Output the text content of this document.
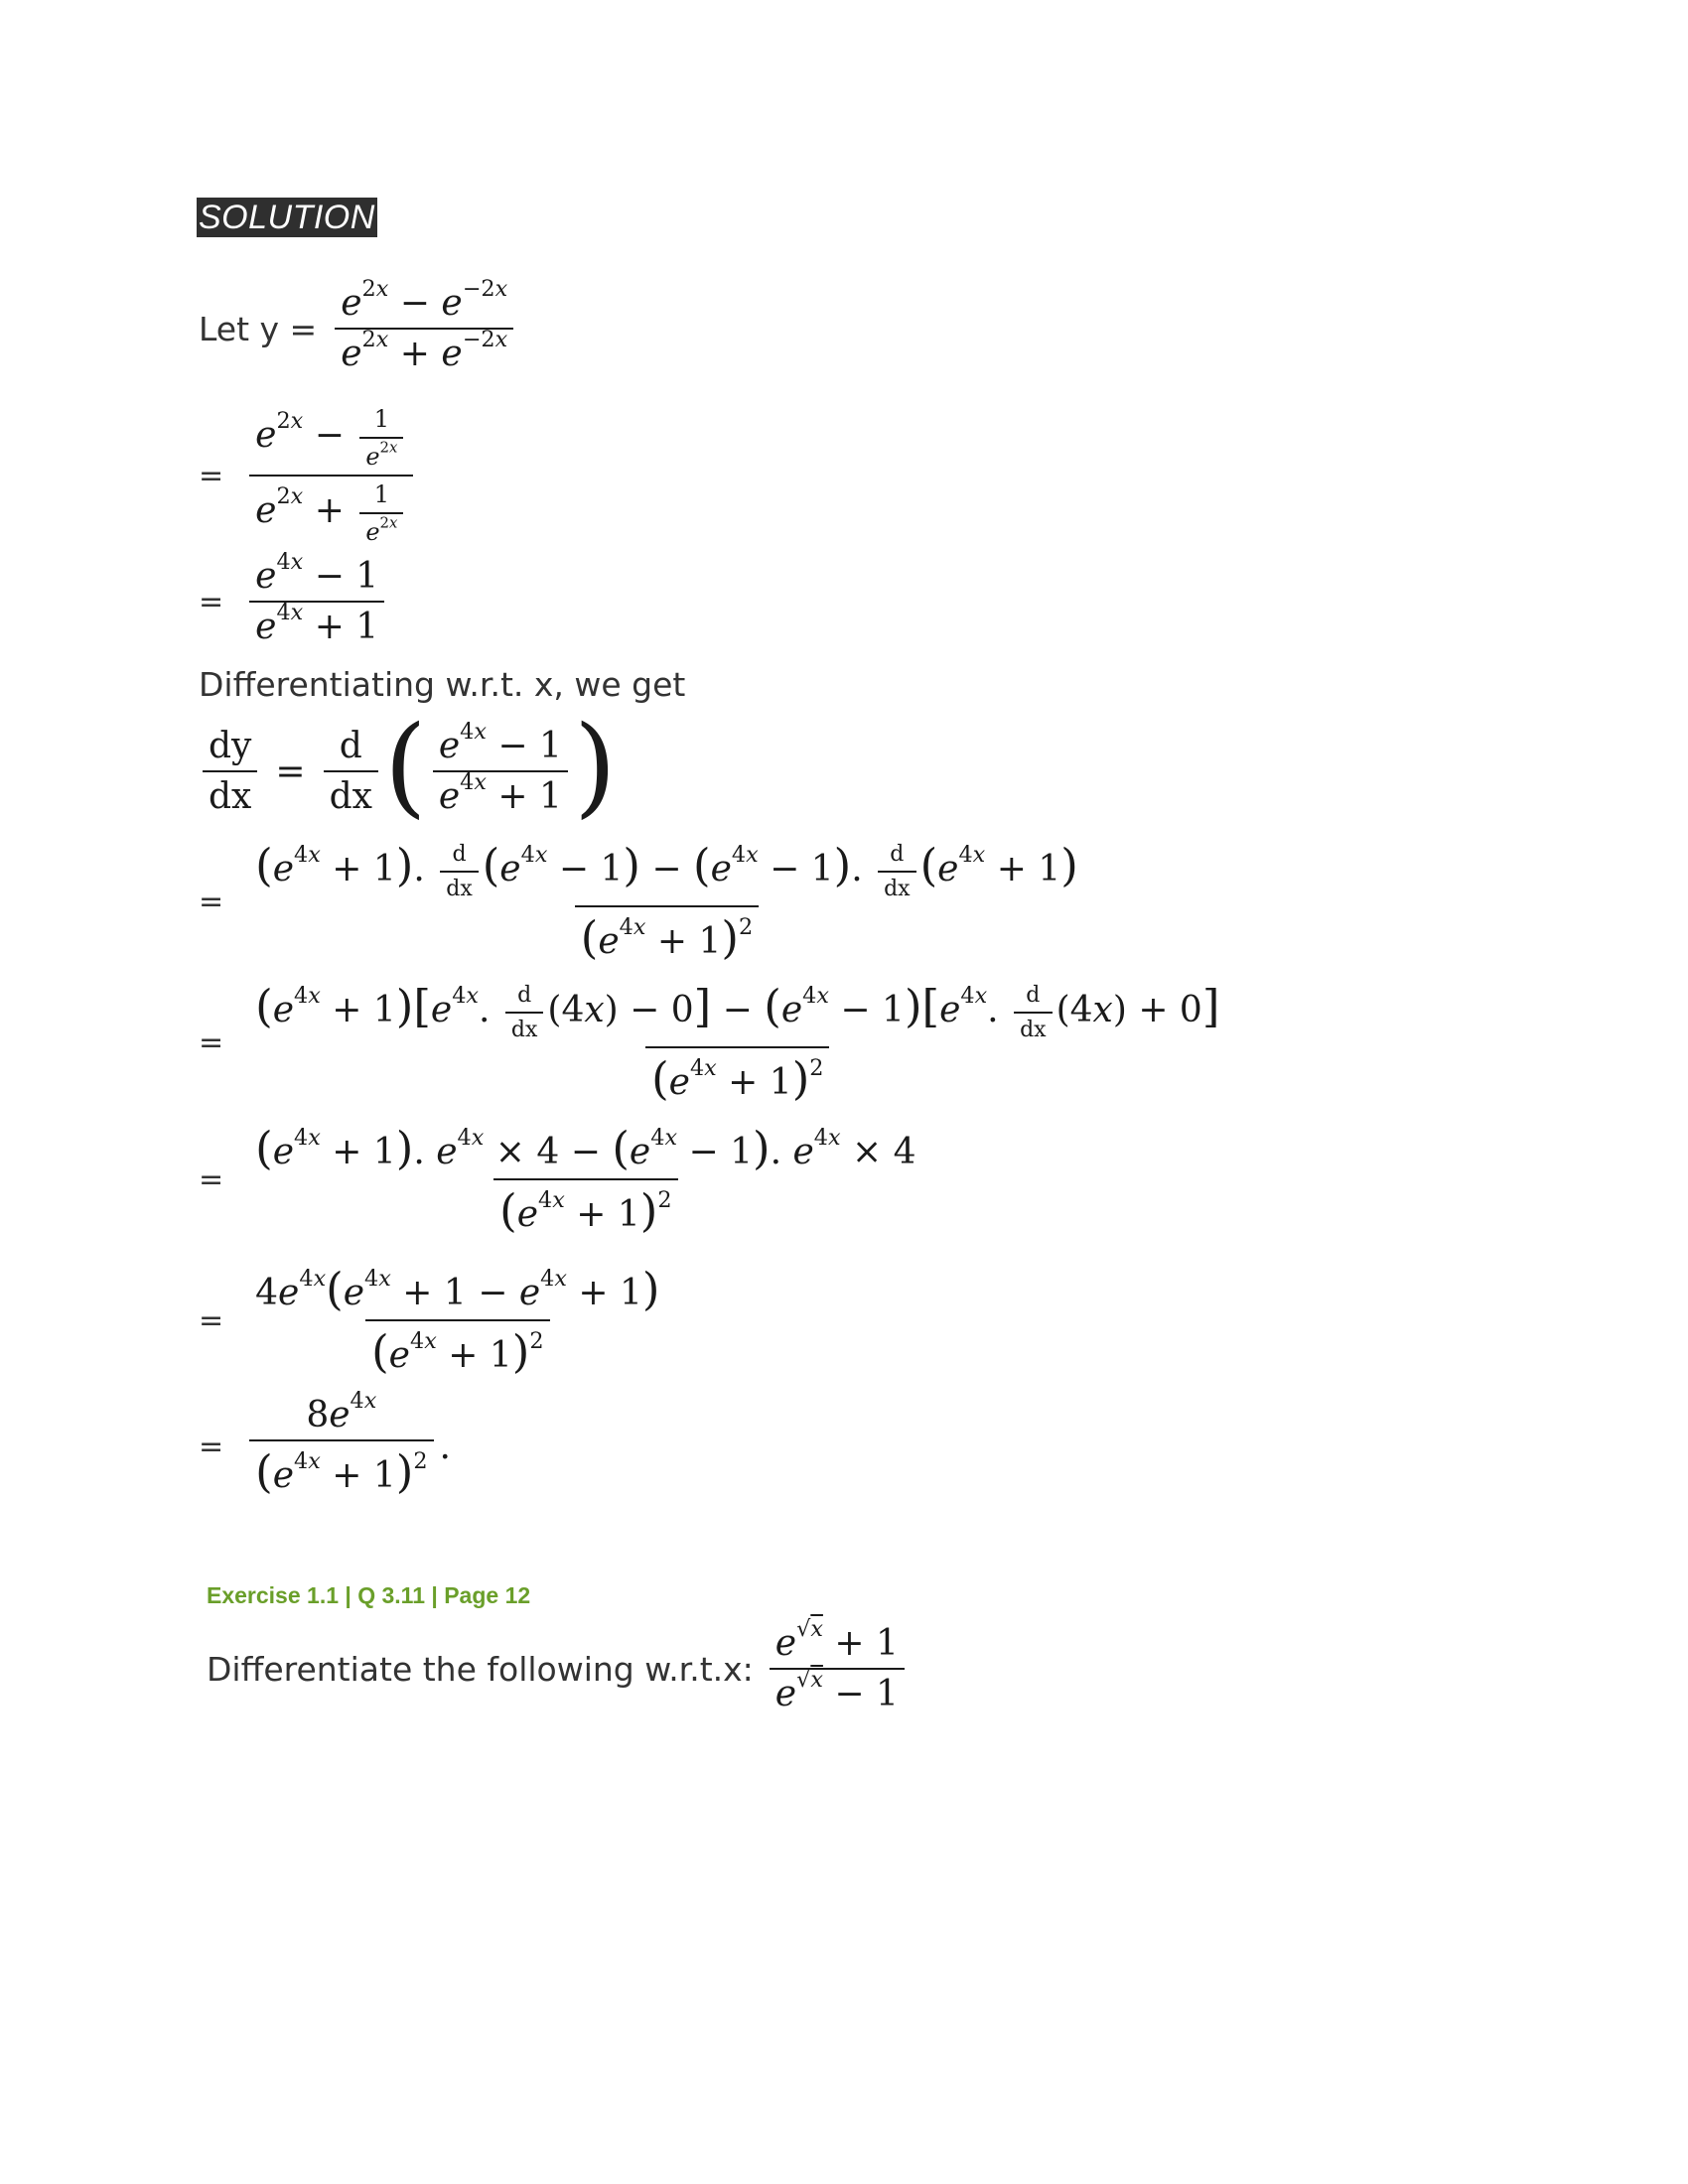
SOLUTION
Let $y = \frac{e^{2x} - e^{-2x}}{e^{2x} + e^{-2x}}$
= $\frac{e^{2x} - \frac{1}{e^{2x}}}{e^{2x} + \frac{1}{e^{2x}}}$
= $\frac{e^{4x} - 1}{e^{4x} + 1}$
Differentiating w.r.t. x, we get
$\frac{dy}{dx} = \frac{d}{dx}$ ( $\frac{e^{4x} - 1}{e^{4x} + 1}$ )
=
$(e^{4x} + 1)$. $\frac{d}{dx} (e^{4x} - 1) - (e^{4x} - 1)$. $\frac{d}{dx} (e^{4x} + 1)$
$(e^{4x} + 1)^2$
=
$(e^{4x} + 1)[e^{4x}$. $\frac{d}{dx} (4x) - 0] - (e^{4x} - 1)[e^{4x}$. $\frac{d}{dx} (4x) + 0$]
$(e^{4x} + 1)^2$
= $\frac{(e^{4x} + 1). e^{4x} \times 4 - (e^{4x} - 1). e^{4x} \times 4}{(e^{4x} + 1)^2}$
= $\frac{4e^{4x}(e^{4x} + 1 - e^{4x} + 1)}{(e^{4x} + 1)^2}$
= $\frac{8e^{4x}}{(e^{4x} + 1)^2}$ .
Exercise 1.1 | Q 3.11 | Page 12
Differentiate the following w.r.t.x: $\frac{e^{√x} + 1}{e^{√x} - 1}$
